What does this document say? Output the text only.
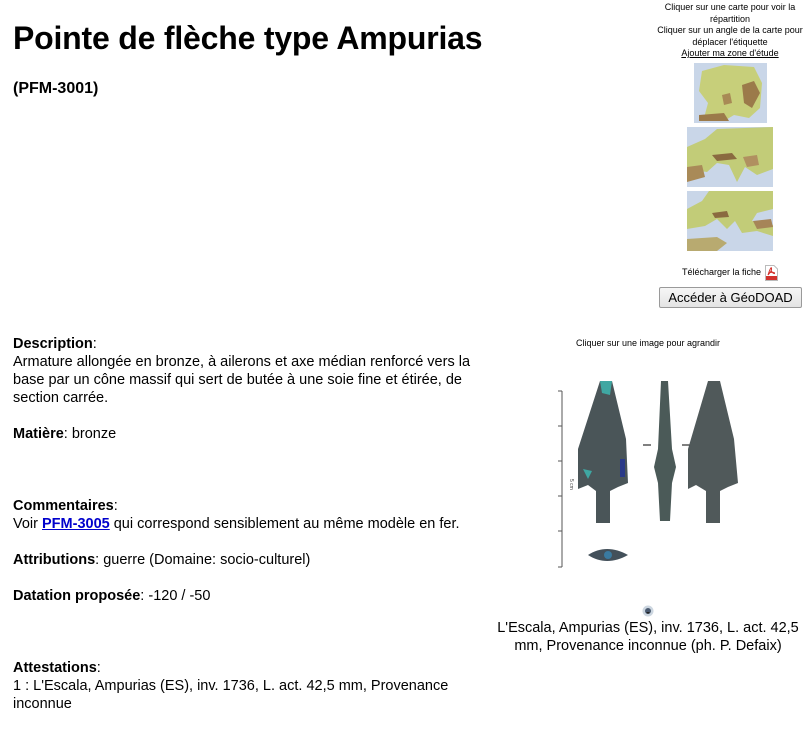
Pointe de flèche type Ampurias

(PFM-3001)

Cliquer sur une carte pour voir la répartition
Cliquer sur un angle de la carte pour déplacer l'étiquette
Ajouter ma zone d'étude
Télécharger la fiche
Accéder à GéoDOAD
Description:
Armature allongée en bronze, à ailerons et axe médian renforcé vers la base par un cône massif qui sert de butée à une soie fine et étirée, de section carrée.
Matière: bronze
Commentaires:
Voir PFM-3005 qui correspond sensiblement au même modèle en fer.
Attributions: guerre (Domaine: socio-culturel)
Datation proposée: -120 / -50
Attestations:
1 : L'Escala, Ampurias (ES), inv. 1736, L. act. 42,5 mm, Provenance inconnue
Cliquer sur une image pour agrandir
5 cm
L'Escala, Ampurias (ES), inv. 1736, L. act. 42,5 mm, Provenance inconnue (ph. P. Defaix)
